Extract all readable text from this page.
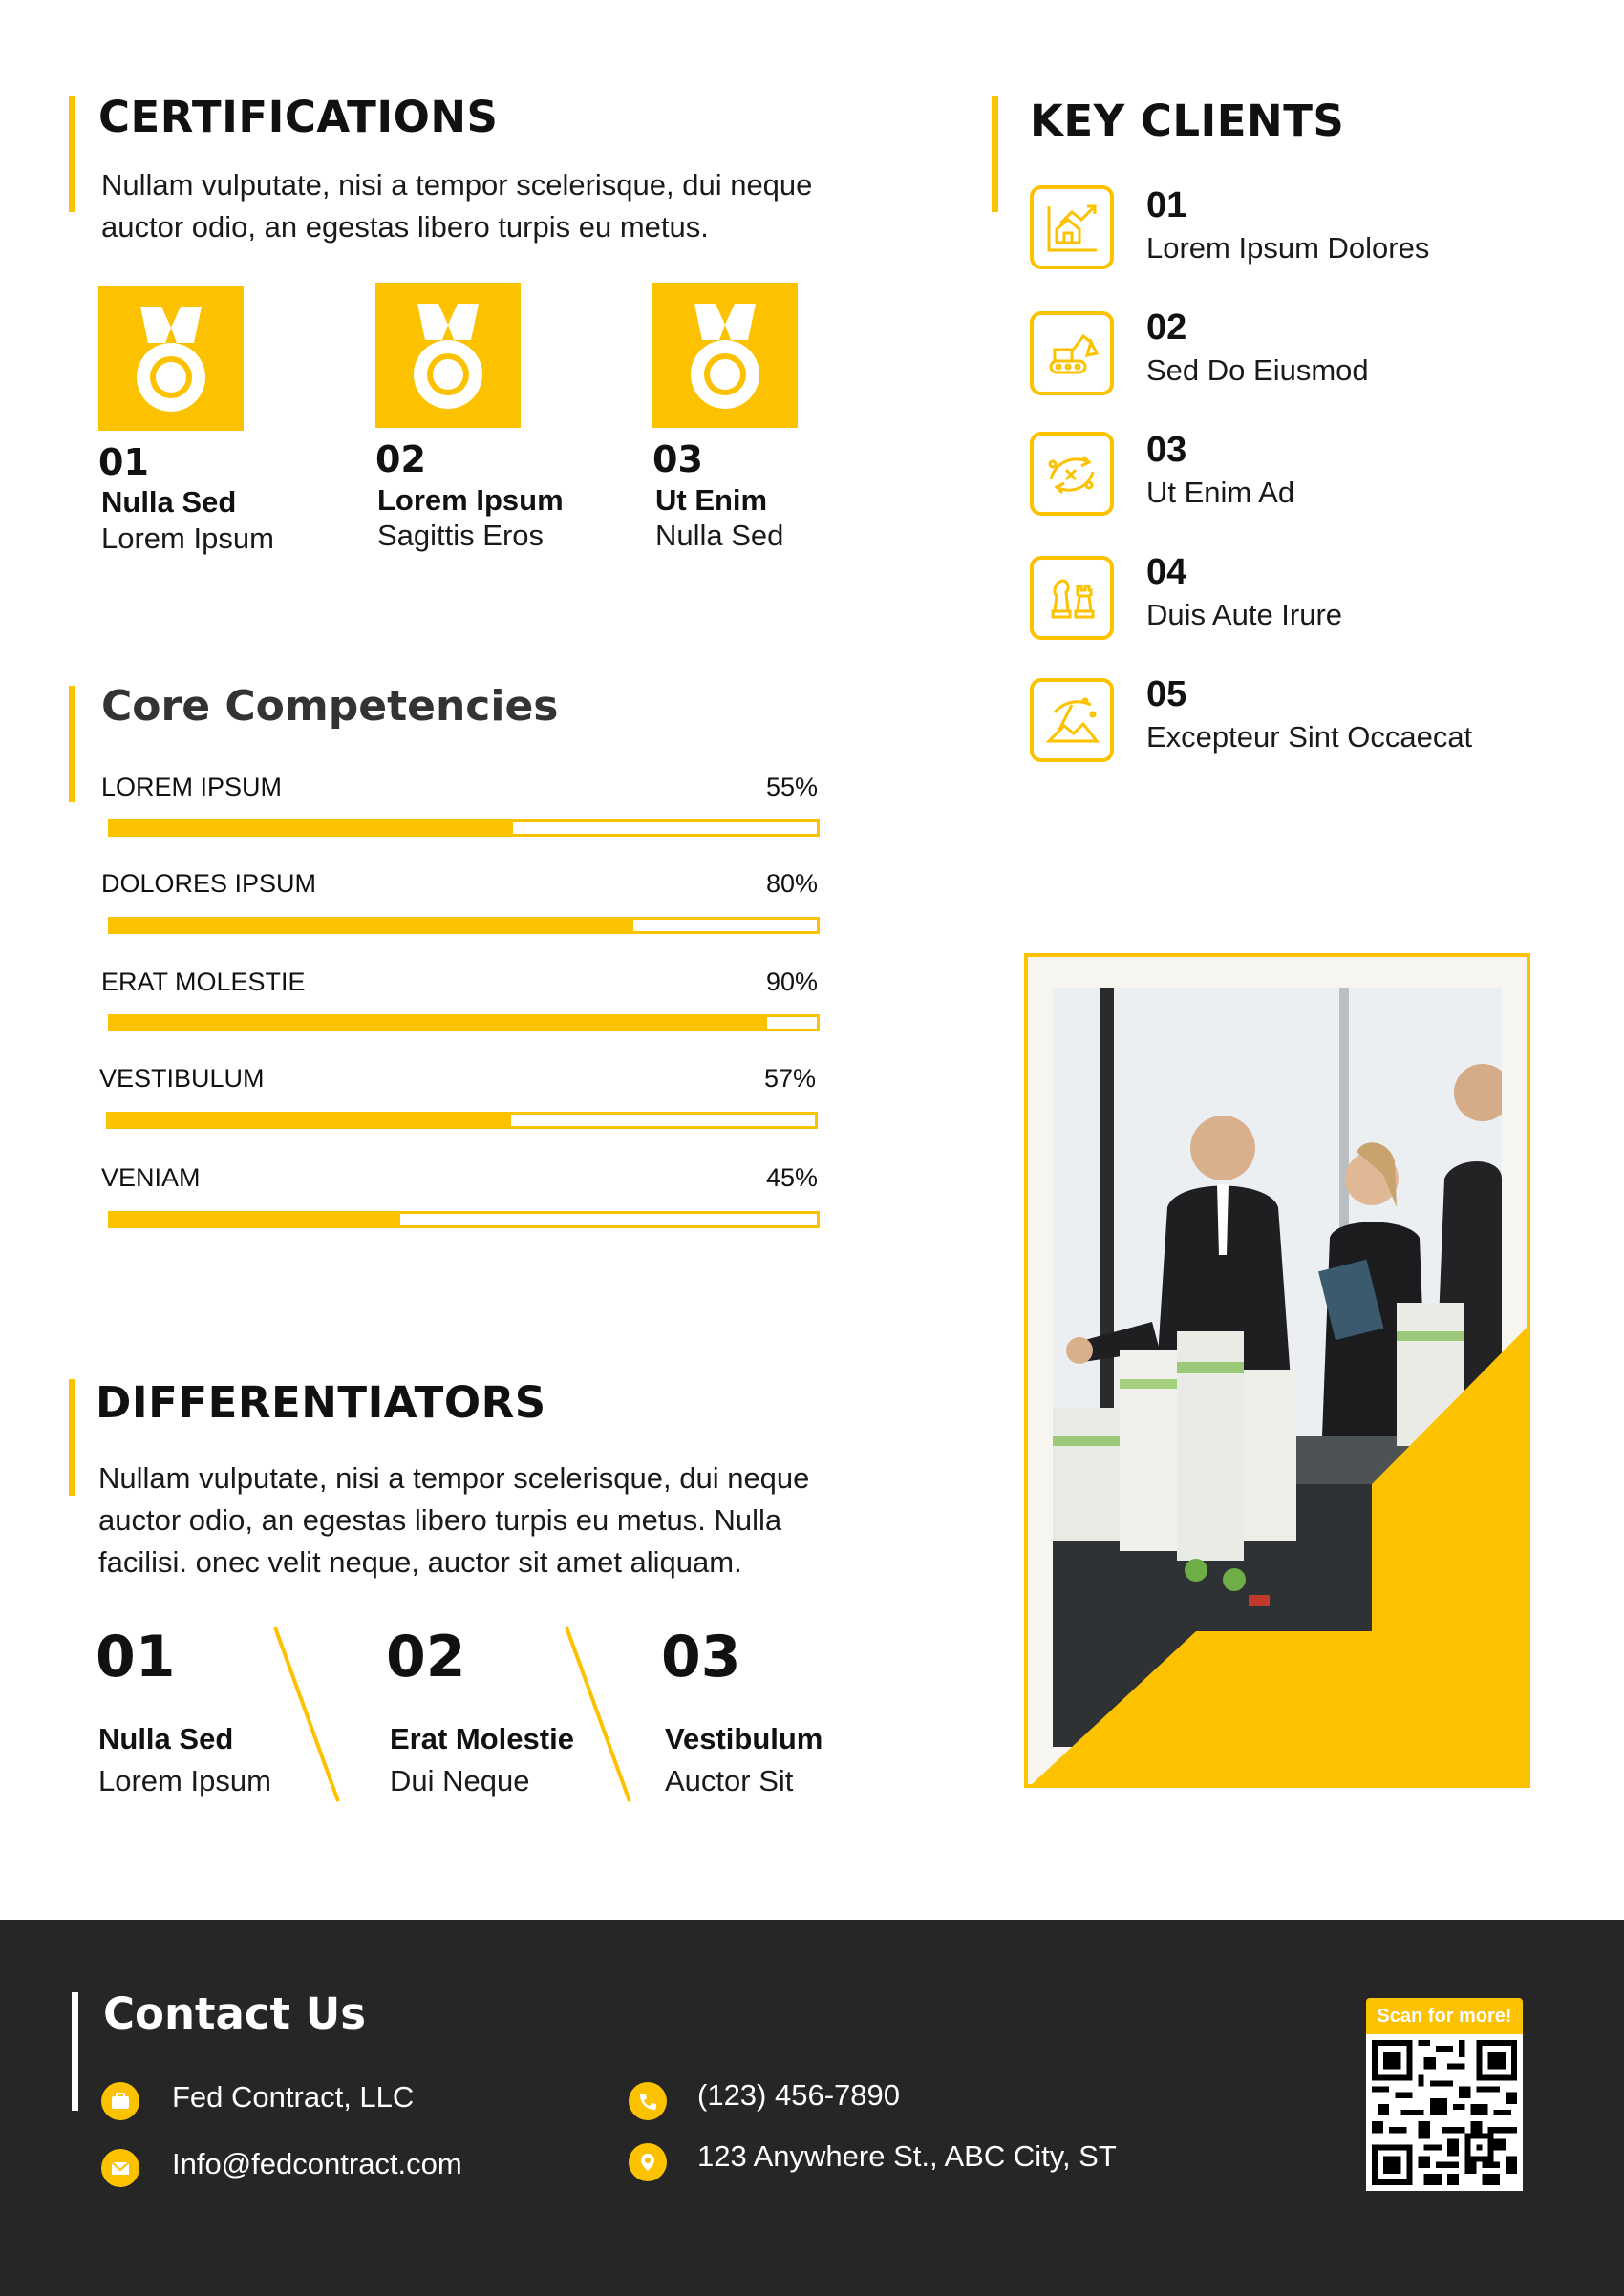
CERTIFICATIONS
Nullam vulputate, nisi a tempor scelerisque, dui neque auctor odio, an egestas libero turpis eu metus.
01
Nulla Sed
Lorem Ipsum
02
Lorem Ipsum
Sagittis Eros
03
Ut Enim
Nulla Sed
Core Competencies
LOREM IPSUM	55%
DOLORES IPSUM	80%
ERAT MOLESTIE	90%
VESTIBULUM	57%
VENIAM	45%
DIFFERENTIATORS
Nullam vulputate, nisi a tempor scelerisque, dui neque auctor odio, an egestas libero turpis eu metus. Nulla facilisi. onec velit neque, auctor sit amet aliquam.
01
Nulla Sed
Lorem Ipsum
02
Erat Molestie
Dui Neque
03
Vestibulum
Auctor Sit
KEY CLIENTS
01
Lorem Ipsum Dolores
02
Sed Do Eiusmod
03
Ut Enim Ad
04
Duis Aute Irure
05
Excepteur Sint Occaecat
Contact Us
Fed Contract, LLC
Info@fedcontract.com
(123) 456-7890
123 Anywhere St., ABC City, ST
Scan for more!
